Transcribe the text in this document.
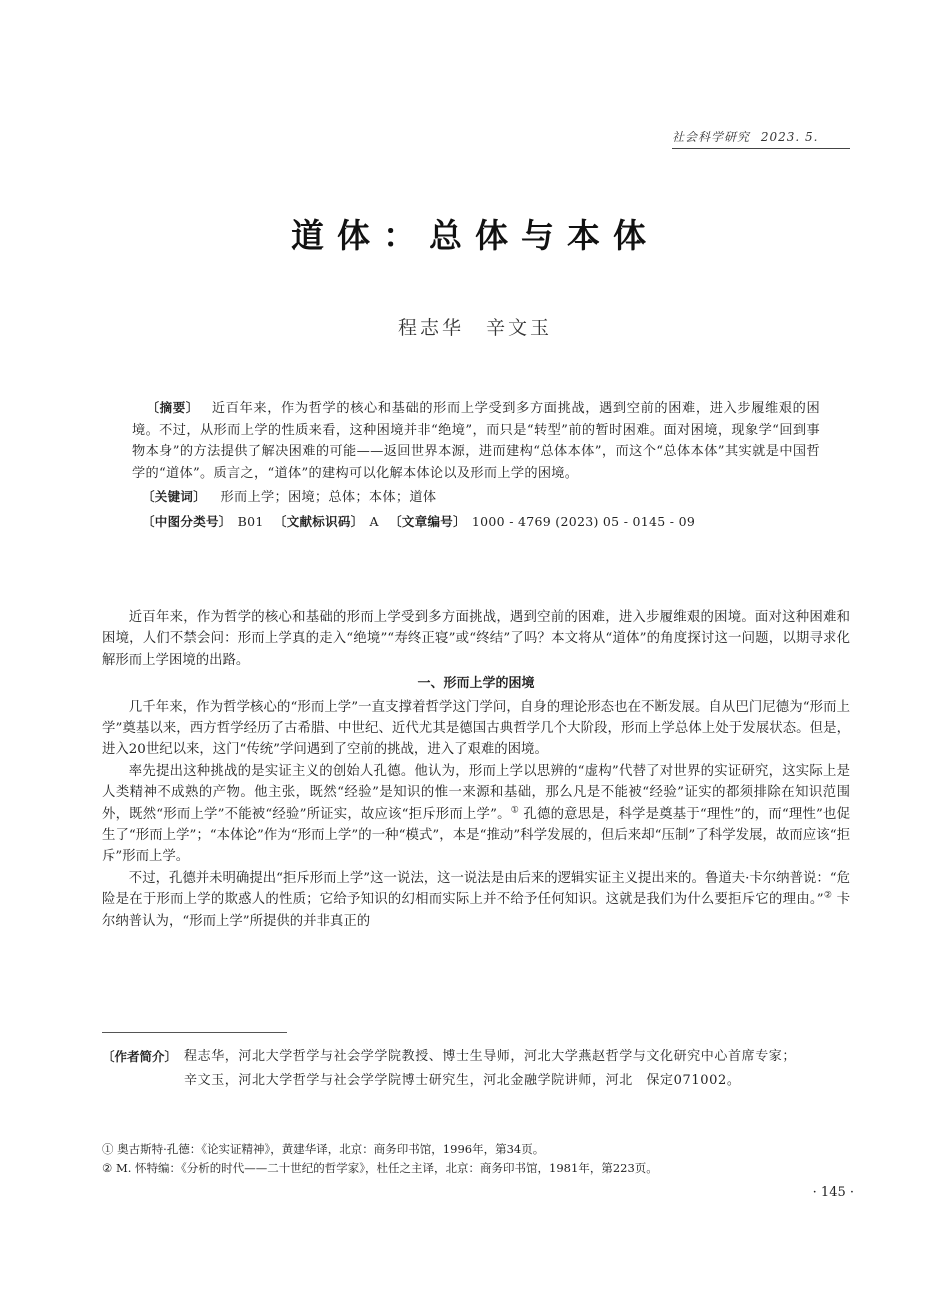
社会科学研究 2023. 5.
道体：总体与本体
程志华　辛文玉

〔摘要〕 近百年来，作为哲学的核心和基础的形而上学受到多方面挑战，遇到空前的困难，进入步履维艰的困境。不过，从形而上学的性质来看，这种困境并非“绝境”，而只是“转型”前的暂时困难。面对困境，现象学“回到事物本身”的方法提供了解决困难的可能——返回世界本源，进而建构“总体本体”，而这个“总体本体”其实就是中国哲学的“道体”。质言之，“道体”的建构可以化解本体论以及形而上学的困境。

〔关键词〕 形而上学；困境；总体；本体；道体

〔中图分类号〕 B01 〔文献标识码〕 A 〔文章编号〕 1000 - 4769 (2023) 05 - 0145 - 09

近百年来，作为哲学的核心和基础的形而上学受到多方面挑战，遇到空前的困难，进入步履维艰的困境。面对这种困难和困境，人们不禁会问：形而上学真的走入“绝境”“寿终正寝”或“终结”了吗？本文将从“道体”的角度探讨这一问题，以期寻求化解形而上学困境的出路。

一、形而上学的困境

几千年来，作为哲学核心的“形而上学”一直支撑着哲学这门学问，自身的理论形态也在不断发展。自从巴门尼德为“形而上学”奠基以来，西方哲学经历了古希腊、中世纪、近代尤其是德国古典哲学几个大阶段，形而上学总体上处于发展状态。但是，进入20世纪以来，这门“传统”学问遇到了空前的挑战，进入了艰难的困境。

率先提出这种挑战的是实证主义的创始人孔德。他认为，形而上学以思辨的“虚构”代替了对世界的实证研究，这实际上是人类精神不成熟的产物。他主张，既然“经验”是知识的惟一来源和基础，那么凡是不能被“经验”证实的都须排除在知识范围外，既然“形而上学”不能被“经验”所证实，故应该“拒斥形而上学”。① 孔德的意思是，科学是奠基于“理性”的，而“理性”也促生了“形而上学”；“本体论”作为“形而上学”的一种“模式”，本是“推动”科学发展的，但后来却“压制”了科学发展，故而应该“拒斥”形而上学。

不过，孔德并未明确提出“拒斥形而上学”这一说法，这一说法是由后来的逻辑实证主义提出来的。鲁道夫·卡尔纳普说：“危险是在于形而上学的欺惑人的性质；它给予知识的幻相而实际上并不给予任何知识。这就是我们为什么要拒斥它的理由。”② 卡尔纳普认为，“形而上学”所提供的并非真正的

〔作者简介〕 程志华，河北大学哲学与社会学学院教授、博士生导师，河北大学燕赵哲学与文化研究中心首席专家；

辛文玉，河北大学哲学与社会学学院博士研究生，河北金融学院讲师，河北　保定071002。

① 奥古斯特·孔德：《论实证精神》，黄建华译，北京：商务印书馆，1996年，第34页。

② M. 怀特编：《分析的时代——二十世纪的哲学家》，杜任之主译，北京：商务印书馆，1981年，第223页。

· 145 ·
